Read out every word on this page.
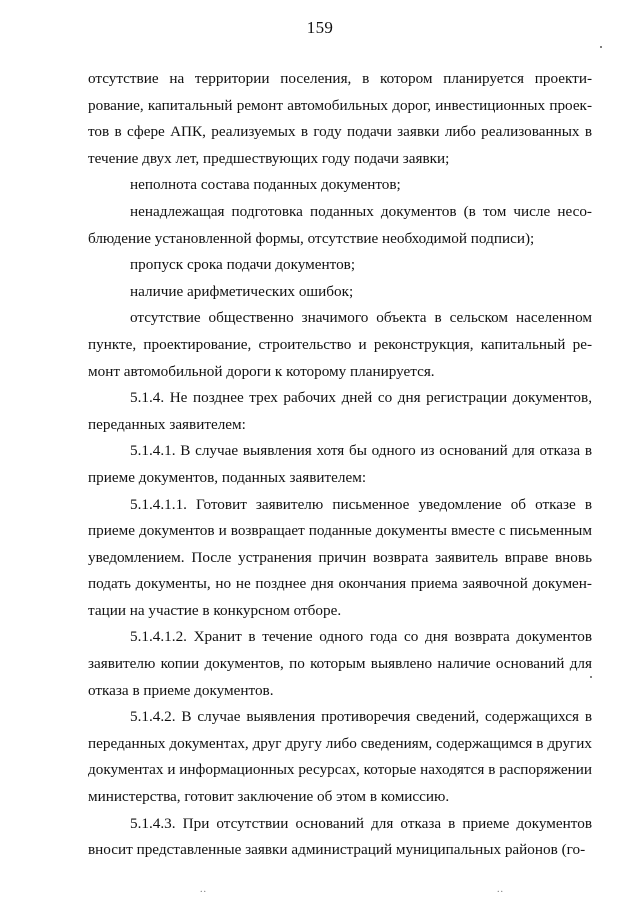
159

отсутствие на территории поселения, в котором планируется проекти-рование, капитальный ремонт автомобильных дорог, инвестиционных проек-тов в сфере АПК, реализуемых в году подачи заявки либо реализованных в течение двух лет, предшествующих году подачи заявки;

неполнота состава поданных документов;

ненадлежащая подготовка поданных документов (в том числе несо-блюдение установленной формы, отсутствие необходимой подписи);

пропуск срока подачи документов;

наличие арифметических ошибок;

отсутствие общественно значимого объекта в сельском населенном пункте, проектирование, строительство и реконструкция, капитальный ре-монт автомобильной дороги к которому планируется.

5.1.4. Не позднее трех рабочих дней со дня регистрации документов, переданных заявителем:

5.1.4.1. В случае выявления хотя бы одного из оснований для отказа в приеме документов, поданных заявителем:

5.1.4.1.1. Готовит заявителю письменное уведомление об отказе в приеме документов и возвращает поданные документы вместе с письменным уведомлением. После устранения причин возврата заявитель вправе вновь подать документы, но не позднее дня окончания приема заявочной докумен-тации на участие в конкурсном отборе.

5.1.4.1.2. Хранит в течение одного года со дня возврата документов заявителю копии документов, по которым выявлено наличие оснований для отказа в приеме документов.

5.1.4.2. В случае выявления противоречия сведений, содержащихся в переданных документах, друг другу либо сведениям, содержащимся в других документах и информационных ресурсах, которые находятся в распоряжении министерства, готовит заключение об этом в комиссию.

5.1.4.3. При отсутствии оснований для отказа в приеме документов вносит представленные заявки администраций муниципальных районов (го-

..	..
